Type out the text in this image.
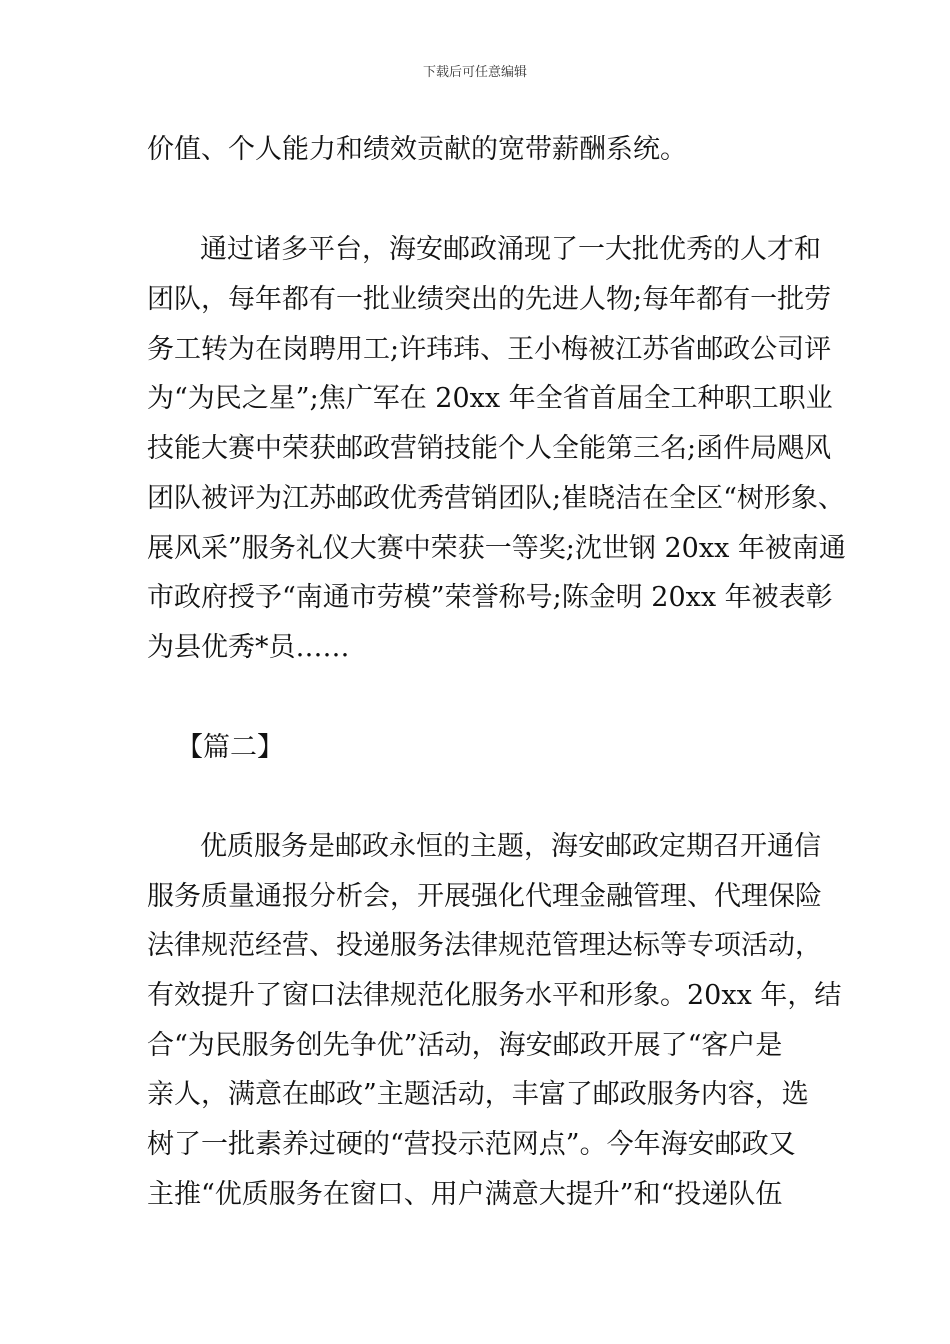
下载后可任意编辑
价值、个人能力和绩效贡献的宽带薪酬系统。
通过诸多平台，海安邮政涌现了一大批优秀的人才和
团队，每年都有一批业绩突出的先进人物;每年都有一批劳
务工转为在岗聘用工;许玮玮、王小梅被江苏省邮政公司评
为“为民之星”;焦广军在 20xx 年全省首届全工种职工职业
技能大赛中荣获邮政营销技能个人全能第三名;函件局飓风
团队被评为江苏邮政优秀营销团队;崔晓洁在全区“树形象、
展风采”服务礼仪大赛中荣获一等奖;沈世钢 20xx 年被南通
市政府授予“南通市劳模”荣誉称号;陈金明 20xx 年被表彰
为县优秀*员……
【篇二】
优质服务是邮政永恒的主题，海安邮政定期召开通信
服务质量通报分析会，开展强化代理金融管理、代理保险
法律规范经营、投递服务法律规范管理达标等专项活动，
有效提升了窗口法律规范化服务水平和形象。20xx 年，结
合“为民服务创先争优”活动，海安邮政开展了“客户是
亲人，满意在邮政”主题活动，丰富了邮政服务内容，选
树了一批素养过硬的“营投示范网点”。今年海安邮政又
主推“优质服务在窗口、用户满意大提升”和“投递队伍
